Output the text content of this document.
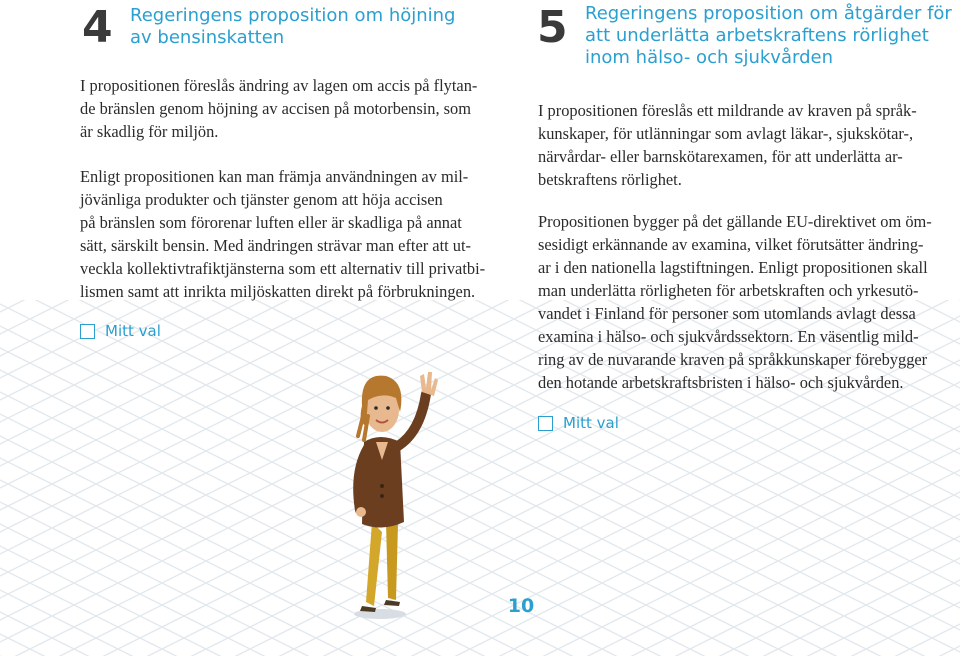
4 Regeringens proposition om höjning
av bensinskatten
I propositionen föreslås ändring av lagen om accis på flytan-
de bränslen genom höjning av accisen på motorbensin, som
är skadlig för miljön.
Enligt propositionen kan man främja användningen av mil-
jövänliga produkter och tjänster genom att höja accisen
på bränslen som förorenar luften eller är skadliga på annat
sätt, särskilt bensin. Med ändringen strävar man efter att ut-
veckla kollektivtrafiktjänsterna som ett alternativ till privatbi-
lismen samt att inrikta miljöskatten direkt på förbrukningen.
Mitt val
5 Regeringens proposition om åtgärder för
att underlätta arbetskraftens rörlighet
inom hälso- och sjukvården
I propositionen föreslås ett mildrande av kraven på språk-
kunskaper, för utlänningar som avlagt läkar-, sjukskötar-,
närvårdar- eller barnskötarexamen, för att underlätta ar-
betskraftens rörlighet.
Propositionen bygger på det gällande EU-direktivet om öm-
sesidigt erkännande av examina, vilket förutsätter ändring-
ar i den nationella lagstiftningen. Enligt propositionen skall
man underlätta rörligheten för arbetskraften och yrkesutö-
vandet i Finland för personer som utomlands avlagt dessa
examina i hälso- och sjukvårdssektorn. En väsentlig mild-
ring av de nuvarande kraven på språkkunskaper förebygger
den hotande arbetskraftsbristen i hälso- och sjukvården.
Mitt val
10
